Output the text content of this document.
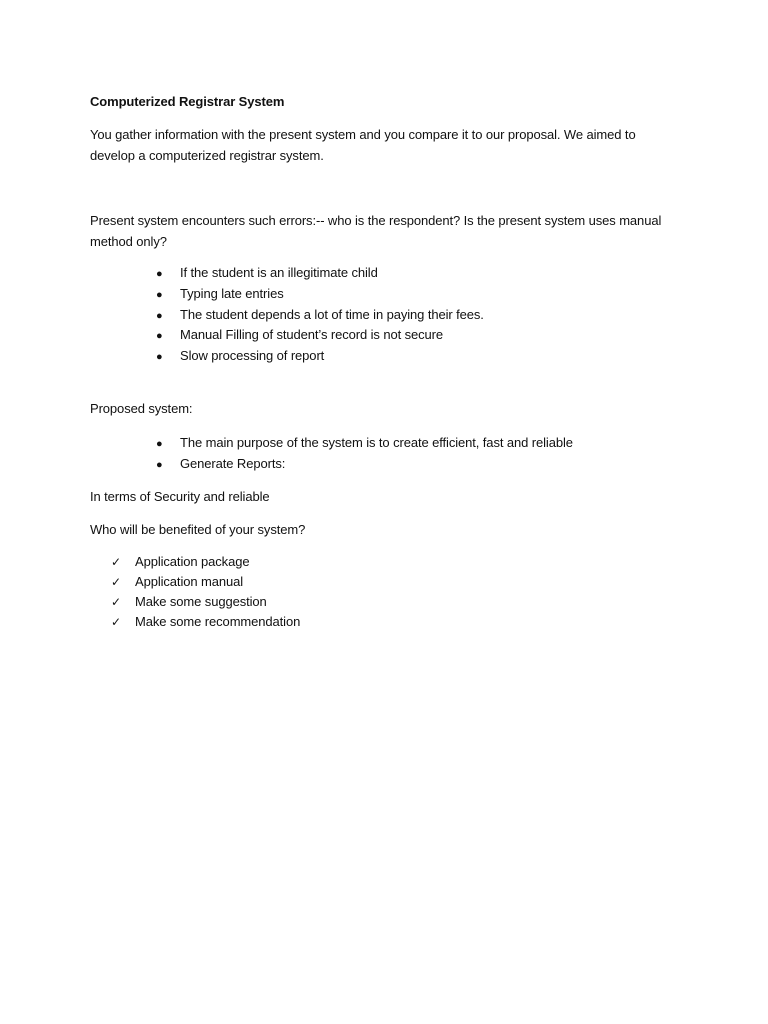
Computerized Registrar System
You gather information with the present system and you compare it to our proposal. We aimed to develop a computerized registrar system.
Present system encounters such errors:-- who is the respondent? Is the present system uses manual method only?
● If the student is an illegitimate child
● Typing late entries
● The student depends a lot of time in paying their fees.
● Manual Filling of student’s record is not secure
● Slow processing of report
Proposed system:
● The main purpose of the system is to create efficient, fast and reliable
● Generate Reports:
In terms of Security and reliable
Who will be benefited of your system?
✓ Application package
✓ Application manual
✓ Make some suggestion
✓ Make some recommendation
